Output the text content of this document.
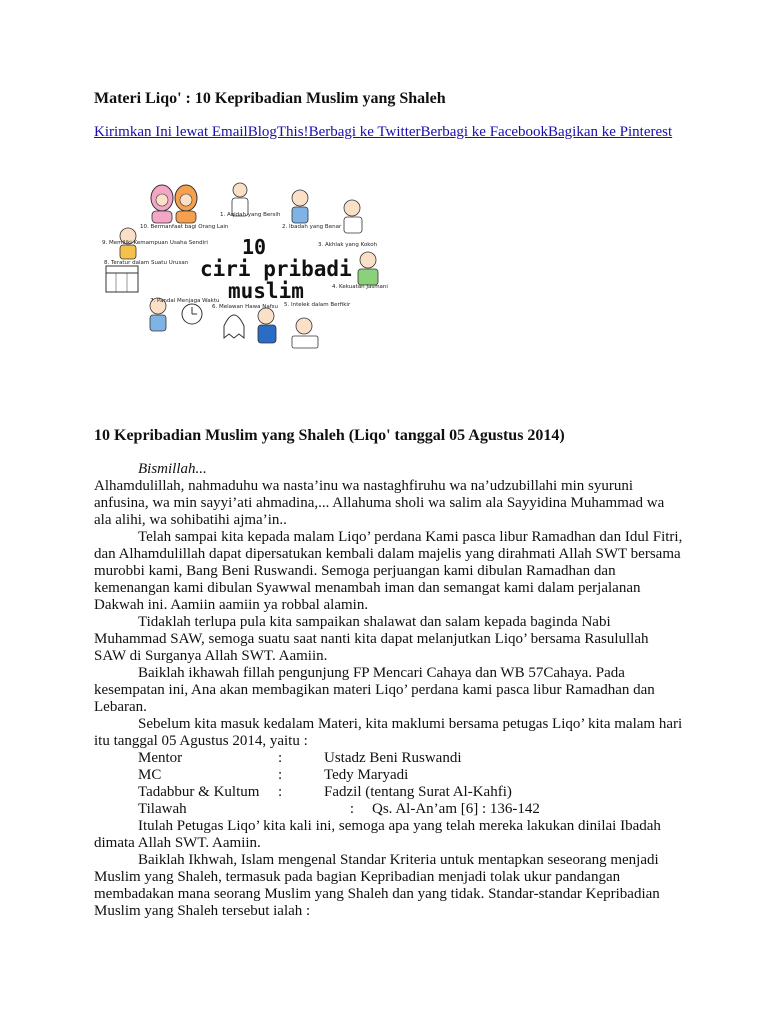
Materi Liqo' : 10 Kepribadian Muslim yang Shaleh
Kirimkan Ini lewat EmailBlogThis!Berbagi ke TwitterBerbagi ke FacebookBagikan ke Pinterest
10
ciri pribadi
muslim
1. Aqidah yang Bersih
2. Ibadah yang Benar
3. Akhlak yang Kokoh
4. Kekuatan Jasmani
5. Intelek dalam Berfikir
6. Melawan Hawa Nafsu
7. Pandai Menjaga Waktu
8. Teratur dalam Suatu Urusan
9. Memiliki Kemampuan Usaha Sendiri
10. Bermanfaat bagi Orang Lain
10 Kepribadian Muslim yang Shaleh (Liqo' tanggal 05 Agustus 2014)

Bismillah...

Alhamdulillah, nahmaduhu wa nasta’inu wa nastaghfiruhu wa na’udzubillahi min syuruni anfusina, wa min sayyi’ati ahmadina,... Allahuma sholi wa salim ala Sayyidina Muhammad wa ala alihi, wa sohibatihi ajma’in..

Telah sampai kita kepada malam Liqo’ perdana Kami pasca libur Ramadhan dan Idul Fitri, dan Alhamdulillah dapat dipersatukan kembali dalam majelis yang dirahmati Allah SWT bersama murobbi kami, Bang Beni Ruswandi. Semoga perjuangan kami dibulan Ramadhan dan kemenangan kami dibulan Syawwal menambah iman dan semangat kami dalam perjalanan Dakwah ini. Aamiin aamiin ya robbal alamin.

Tidaklah terlupa pula kita sampaikan shalawat dan salam kepada baginda Nabi Muhammad SAW, semoga suatu saat nanti kita dapat melanjutkan Liqo’ bersama Rasulullah SAW di Surganya Allah SWT. Aamiin.

Baiklah ikhawah fillah pengunjung FP Mencari Cahaya dan WB 57Cahaya. Pada kesempatan ini, Ana akan membagikan materi Liqo’ perdana kami pasca libur Ramadhan dan Lebaran.

Sebelum kita masuk kedalam Materi, kita maklumi bersama petugas Liqo’ kita malam hari itu tanggal 05 Agustus 2014, yaitu :

Mentor	:	Ustadz Beni Ruswandi
MC	:	Tedy Maryadi
Tadabbur & Kultum	:	Fadzil (tentang Surat Al-Kahfi)
Tilawah	:	Qs. Al-An’am [6] : 136-142

Itulah Petugas Liqo’ kita kali ini, semoga apa yang telah mereka lakukan dinilai Ibadah dimata Allah SWT. Aamiin.

Baiklah Ikhwah, Islam mengenal Standar Kriteria untuk mentapkan seseorang menjadi Muslim yang Shaleh, termasuk pada bagian Kepribadian menjadi tolak ukur pandangan membadakan mana seorang Muslim yang Shaleh dan yang tidak. Standar-standar Kepribadian Muslim yang Shaleh tersebut ialah :
